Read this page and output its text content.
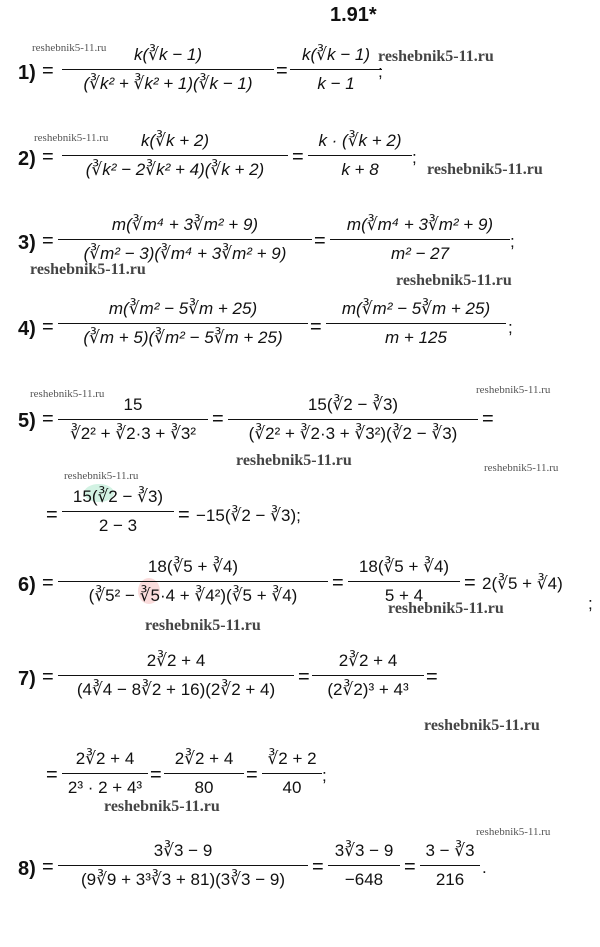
1.91*
reshebnik5-11.ru	reshebnik5-11.ru
reshebnik5-11.ru
reshebnik5-11.ru
reshebnik5-11.ru
reshebnik5-11.ru
reshebnik5-11.ru	reshebnik5-11.ru
reshebnik5-11.ru
reshebnik5-11.ru
reshebnik5-11.ru
reshebnik5-11.ru
reshebnik5-11.ru
reshebnik5-11.ru
reshebnik5-11.ru
reshebnik5-11.ru
1) =
k(∛k − 1)
(∛k² + ∛k² + 1)(∛k − 1)
=
k(∛k − 1)
k − 1
;
2) =
k(∛k + 2)
(∛k² − 2∛k² + 4)(∛k + 2)
=
k · (∛k + 2)
k + 8
;
3) =
m(∛m⁴ + 3∛m² + 9)
(∛m² − 3)(∛m⁴ + 3∛m² + 9)
=
m(∛m⁴ + 3∛m² + 9)
m² − 27
;
4) =
m(∛m² − 5∛m + 25)
(∛m + 5)(∛m² − 5∛m + 25)	=
m(∛m² − 5∛m + 25)
m + 125
;
5) =
15
∛2² + ∛2·3 + ∛3²
=
15(∛2 − ∛3)
(∛2² + ∛2·3 + ∛3²)(∛2 − ∛3)
=
=
15(∛2 − ∛3)
2 − 3	= −15(∛2 − ∛3);
6) =
18(∛5 + ∛4)
(∛5² − ∛5·4 + ∛4²)(∛5 + ∛4)
=
18(∛5 + ∛4)
5 + 4
= 2(∛5 + ∛4)
;
7) =
2∛2 + 4
(4∛4 − 8∛2 + 16)(2∛2 + 4)
=
2∛2 + 4
(2∛2)³ + 4³
=
=
2∛2 + 4
2³ · 2 + 4³
=
2∛2 + 4
80
=
∛2 + 2
40
;
8) =
3∛3 − 9
(9∛9 + 3³∛3 + 81)(3∛3 − 9)
=
3∛3 − 9
−648
=
3 − ∛3
216
.
